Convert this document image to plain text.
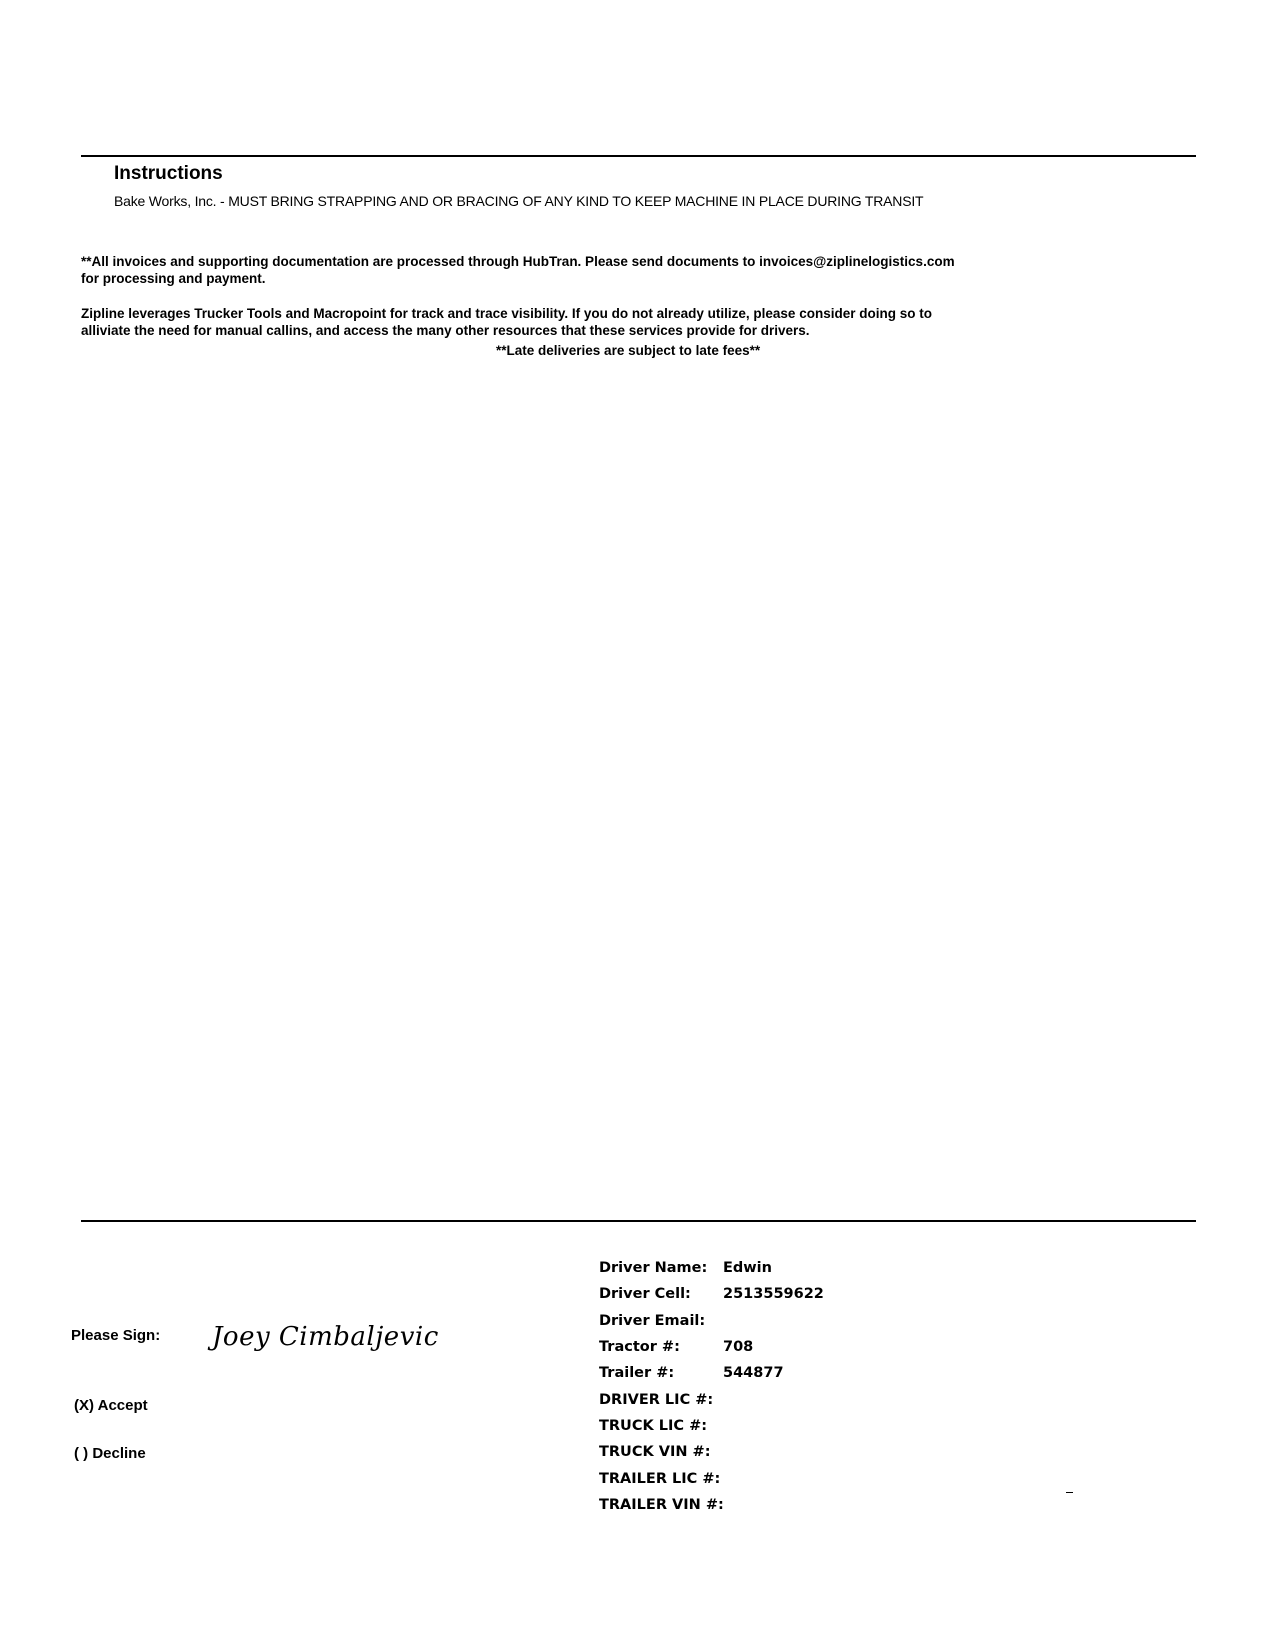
Instructions
Bake Works, Inc. - MUST BRING STRAPPING AND OR BRACING OF ANY KIND TO KEEP MACHINE IN PLACE DURING TRANSIT
**All invoices and supporting documentation are processed through HubTran. Please send documents to invoices@ziplinelogistics.com
for processing and payment.
Zipline leverages Trucker Tools and Macropoint for track and trace visibility. If you do not already utilize, please consider doing so to
alliviate the need for manual callins, and access the many other resources that these services provide for drivers.
**Late deliveries are subject to late fees**
Please Sign: Joey Cimbaljevic
(X) Accept
( ) Decline
Driver Name:	Edwin
Driver Cell:	2513559622
Driver Email:
Tractor #:	708
Trailer #:	544877
DRIVER LIC #:
TRUCK LIC #:
TRUCK VIN #:
TRAILER LIC #:
TRAILER VIN #:
